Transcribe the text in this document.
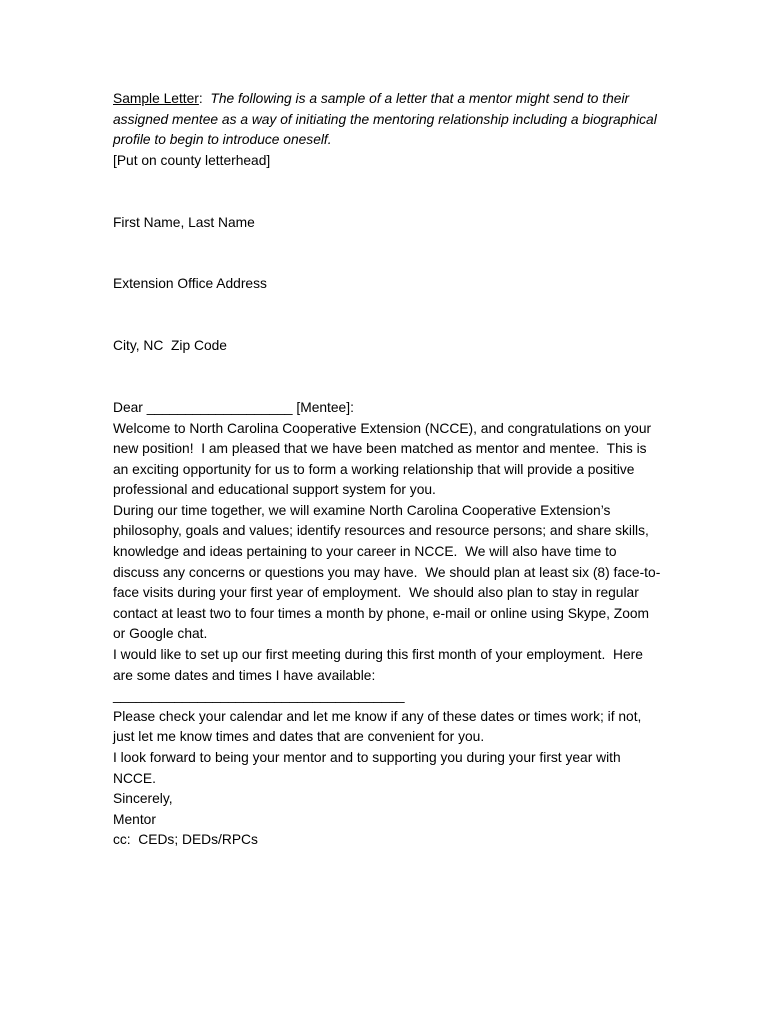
Sample Letter:  The following is a sample of a letter that a mentor might send to their assigned mentee as a way of initiating the mentoring relationship including a biographical profile to begin to introduce oneself.

[Put on county letterhead]

First Name, Last Name

Extension Office Address

City, NC  Zip Code

Dear ___________________ [Mentee]:

Welcome to North Carolina Cooperative Extension (NCCE), and congratulations on your new position!  I am pleased that we have been matched as mentor and mentee.  This is an exciting opportunity for us to form a working relationship that will provide a positive professional and educational support system for you.

During our time together, we will examine North Carolina Cooperative Extension’s philosophy, goals and values; identify resources and resource persons; and share skills, knowledge and ideas pertaining to your career in NCCE.  We will also have time to discuss any concerns or questions you may have.  We should plan at least six (8) face-to-face visits during your first year of employment.  We should also plan to stay in regular contact at least two to four times a month by phone, e-mail or online using Skype, Zoom or Google chat.

I would like to set up our first meeting during this first month of your employment.  Here are some dates and times I have available:

______________________________________

Please check your calendar and let me know if any of these dates or times work; if not, just let me know times and dates that are convenient for you.

I look forward to being your mentor and to supporting you during your first year with NCCE.

Sincerely,

Mentor

cc:  CEDs; DEDs/RPCs
